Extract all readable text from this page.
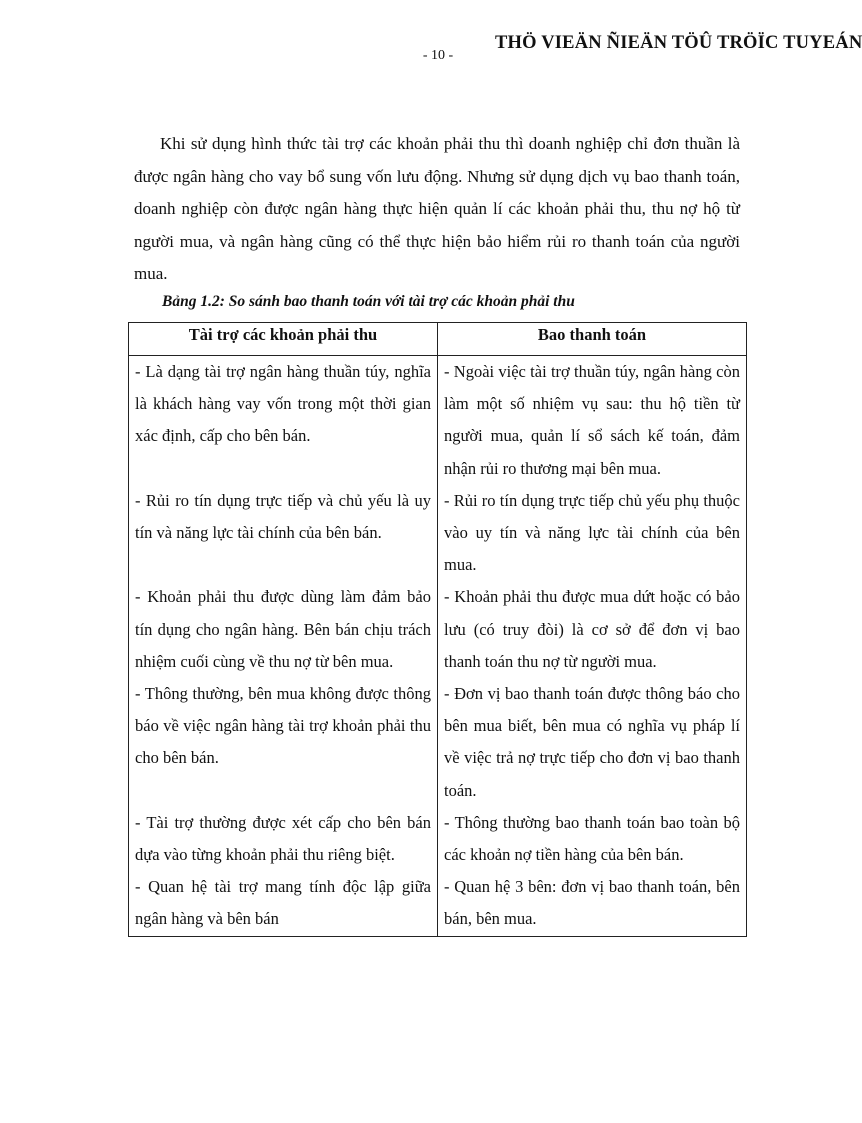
THÖ VIEÄN ÑIEÄN TÖÛ TRÖÏC TUYEÁN
- 10 -

Khi sử dụng hình thức tài trợ các khoản phải thu thì doanh nghiệp chỉ đơn thuần là được ngân hàng cho vay bổ sung vốn lưu động. Nhưng sử dụng dịch vụ bao thanh toán, doanh nghiệp còn được ngân hàng thực hiện quản lí các khoản phải thu, thu nợ hộ từ người mua, và ngân hàng cũng có thể thực hiện bảo hiểm rủi ro thanh toán của người mua.

Bảng 1.2: So sánh bao thanh toán với tài trợ các khoản phải thu
Tài trợ các khoản phải thu	Bao thanh toán
- Là dạng tài trợ ngân hàng thuần túy, nghĩa là khách hàng vay vốn trong một thời gian xác định, cấp cho bên bán.	- Ngoài việc tài trợ thuần túy, ngân hàng còn làm một số nhiệm vụ sau: thu hộ tiền từ người mua, quản lí sổ sách kế toán, đảm nhận rủi ro thương mại bên mua.
- Rủi ro tín dụng trực tiếp và chủ yếu là uy tín và năng lực tài chính của bên bán.	- Rủi ro tín dụng trực tiếp chủ yếu phụ thuộc vào uy tín và năng lực tài chính của bên mua.
- Khoản phải thu được dùng làm đảm bảo tín dụng cho ngân hàng. Bên bán chịu trách nhiệm cuối cùng về thu nợ từ bên mua.	- Khoản phải thu được mua dứt hoặc có bảo lưu (có truy đòi) là cơ sở để đơn vị bao thanh toán thu nợ từ người mua.
- Thông thường, bên mua không được thông báo về việc ngân hàng tài trợ khoản phải thu cho bên bán.	- Đơn vị bao thanh toán được thông báo cho bên mua biết, bên mua có nghĩa vụ pháp lí về việc trả nợ trực tiếp cho đơn vị bao thanh toán.
- Tài trợ thường được xét cấp cho bên bán dựa vào từng khoản phải thu riêng biệt.	- Thông thường bao thanh toán bao toàn bộ các khoản nợ tiền hàng của bên bán.
- Quan hệ tài trợ mang tính độc lập giữa ngân hàng và bên bán	- Quan hệ 3 bên: đơn vị bao thanh toán, bên bán, bên mua.
